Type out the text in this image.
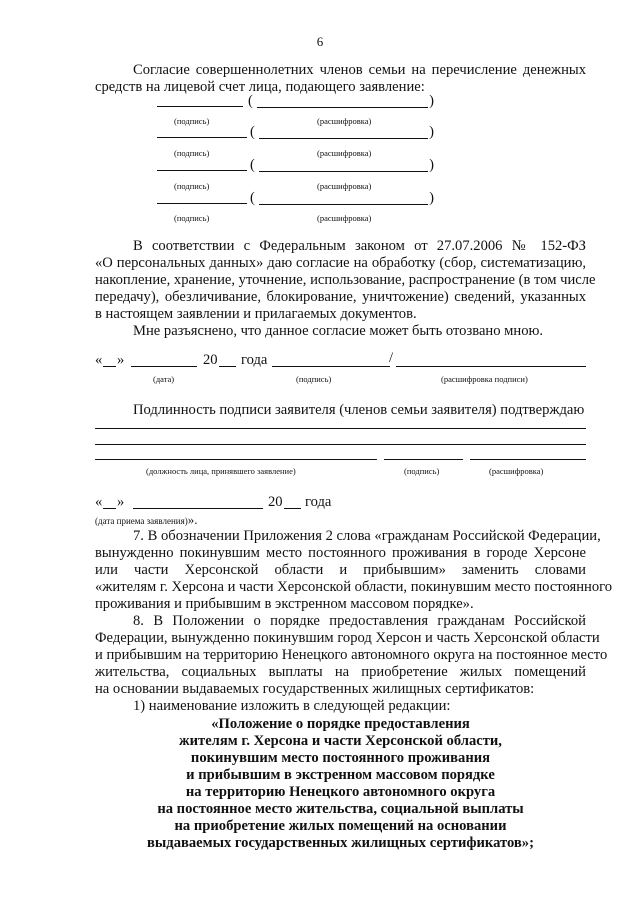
6
Согласие совершеннолетних членов семьи на перечисление денежных
средств на лицевой счет лица, подающего заявление:
(	)
(подпись)	(расшифровка)
(	)
(подпись)	(расшифровка)
(	)
(подпись)	(расшифровка)
(	)
(подпись)	(расшифровка)
В соответствии с Федеральным законом от 27.07.2006 № 152-ФЗ
«О персональных данных» даю согласие на обработку (сбор, систематизацию,
накопление, хранение, уточнение, использование, распространение (в том числе
передачу), обезличивание, блокирование, уничтожение) сведений, указанных
в настоящем заявлении и прилагаемых документов.
Мне разъяснено, что данное согласие может быть отозвано мною.
« »	20 года	/
(дата)	(подпись)	(расшифровка подписи)
Подлинность подписи заявителя (членов семьи заявителя) подтверждаю
(должность лица, принявшего заявление)	(подпись)	(расшифровка)
« »	20 года
(дата приема заявления)».
7. В обозначении Приложения 2 слова «гражданам Российской Федерации,
вынужденно покинувшим место постоянного проживания в городе Херсоне
или части Херсонской области и прибывшим» заменить словами
«жителям г. Херсона и части Херсонской области, покинувшим место постоянного
проживания и прибывшим в экстренном массовом порядке».
8. В Положении о порядке предоставления гражданам Российской
Федерации, вынужденно покинувшим город Херсон и часть Херсонской области
и прибывшим на территорию Ненецкого автономного округа на постоянное место
жительства, социальных выплаты на приобретение жилых помещений
на основании выдаваемых государственных жилищных сертификатов:
1) наименование изложить в следующей редакции:
«Положение о порядке предоставления
жителям г. Херсона и части Херсонской области,
покинувшим место постоянного проживания
и прибывшим в экстренном массовом порядке
на территорию Ненецкого автономного округа
на постоянное место жительства, социальной выплаты
на приобретение жилых помещений на основании
выдаваемых государственных жилищных сертификатов»;
